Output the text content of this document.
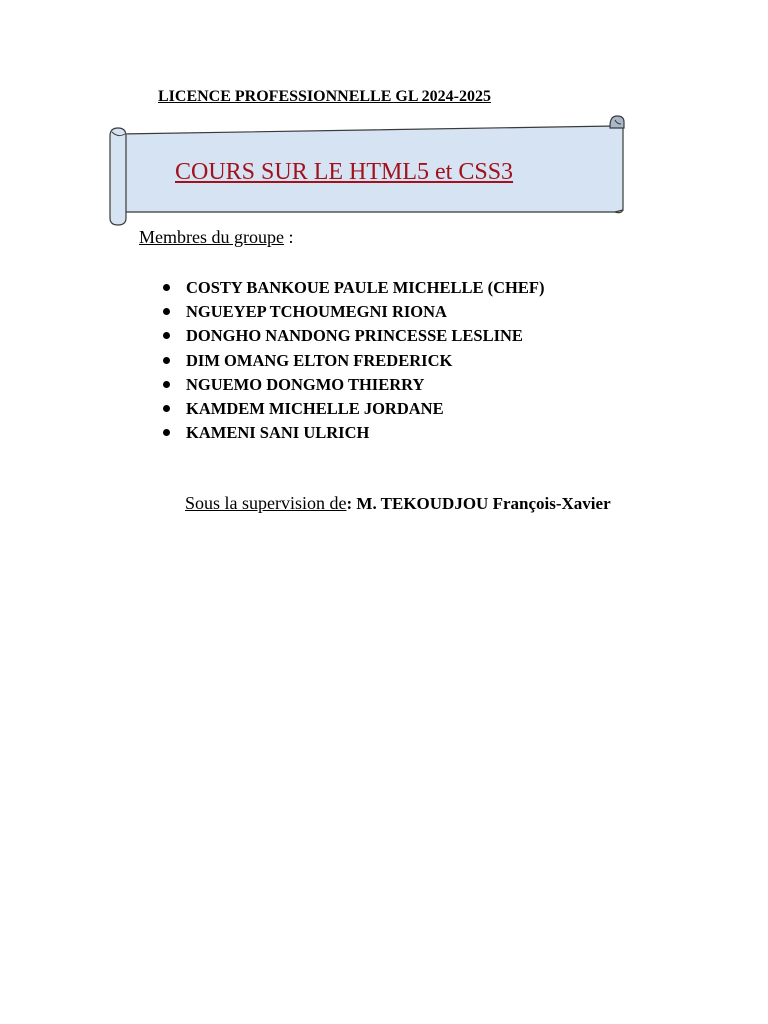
LICENCE PROFESSIONNELLE GL 2024-2025
COURS SUR LE HTML5 et CSS3
Membres du groupe :
COSTY BANKOUE PAULE MICHELLE (CHEF)
NGUEYEP TCHOUMEGNI RIONA
DONGHO NANDONG PRINCESSE LESLINE
DIM OMANG ELTON FREDERICK
NGUEMO DONGMO THIERRY
KAMDEM MICHELLE JORDANE
KAMENI SANI ULRICH
Sous la supervision de: M. TEKOUDJOU François-Xavier
